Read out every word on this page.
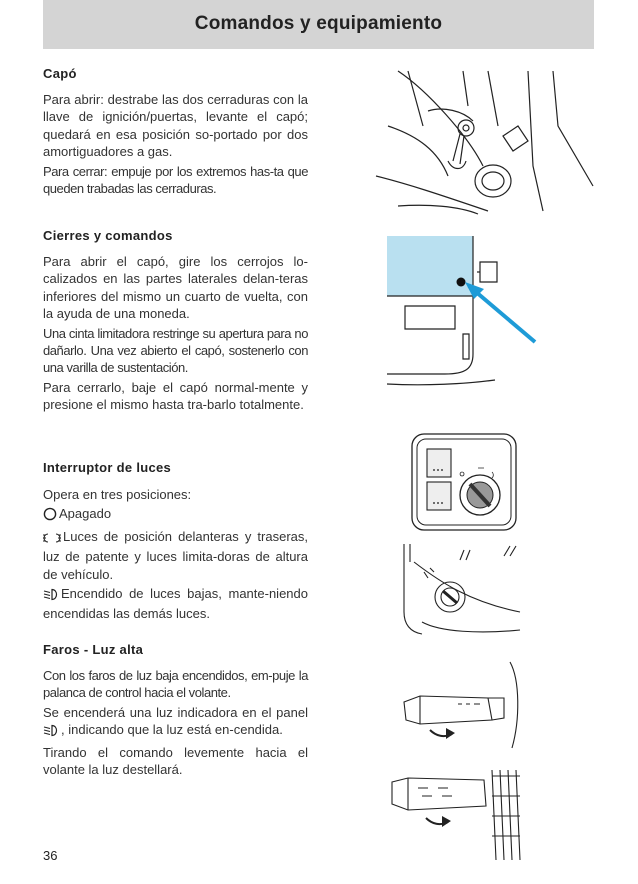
Comandos y equipamiento
Capó

Para abrir: destrabe las dos cerraduras con la llave de ignición/puertas, levante el capó; quedará en esa posición so-portado por dos amortiguadores a gas.

Para cerrar: empuje por los extremos has-ta que queden trabadas las cerraduras.

Cierres y comandos

Para abrir el capó, gire los cerrojos lo-calizados en las partes laterales delan-teras inferiores del mismo un cuarto de vuelta, con la ayuda de una moneda.

Una cinta limitadora restringe su apertura para no dañarlo. Una vez abierto el capó, sostenerlo con una varilla de sustentación.

Para cerrarlo, baje el capó normal-mente y presione el mismo hasta tra-barlo totalmente.

Interruptor de luces

Opera en tres posiciones:

Apagado

Luces de posición delanteras y traseras, luz de patente y luces limita-doras de altura de vehículo.

Encendido de luces bajas, mante-niendo encendidas las demás luces.

Faros - Luz alta

Con los faros de luz baja encendidos, em-puje la palanca de control hacia el volante.

Se encenderá una luz indicadora en el panel , indicando que la luz está en-cendida.

Tirando el comando levemente hacia el volante la luz destellará.

36
